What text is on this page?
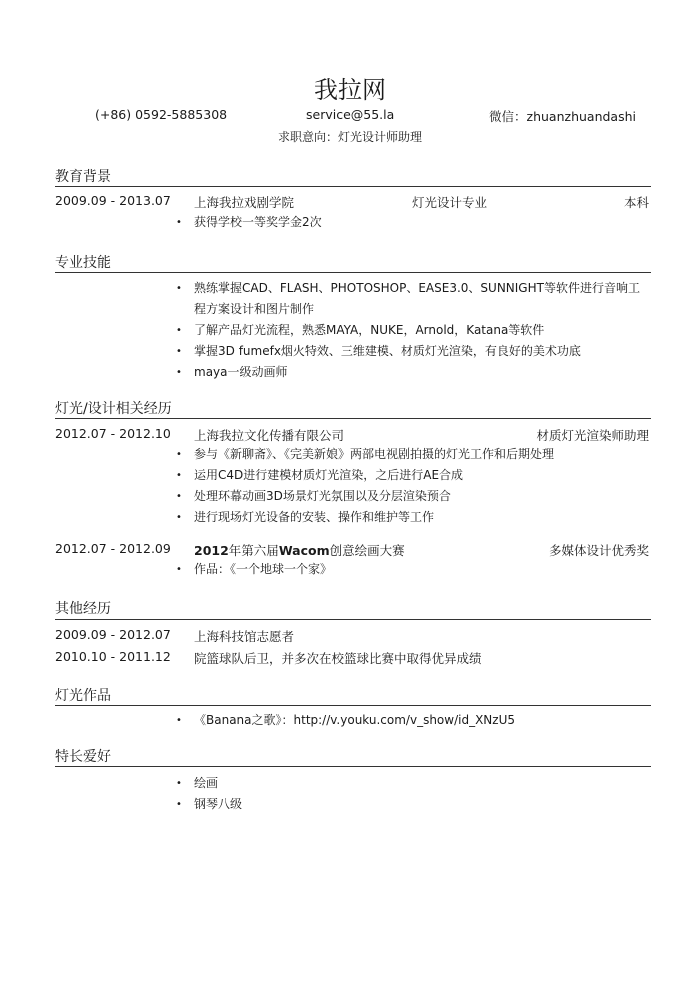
我拉网
(+86) 0592-5885308	service@55.la	微信：zhuanzhuandashi
求职意向：灯光设计师助理
教育背景
2009.09 - 2013.07 上海我拉戏剧学院	灯光设计专业	本科
• 获得学校一等奖学金2次
专业技能
• 熟练掌握CAD、FLASH、PHOTOSHOP、EASE3.0、SUNNIGHT等软件进行音响工程方案设计和图片制作
• 了解产品灯光流程，熟悉MAYA，NUKE，Arnold，Katana等软件
• 掌握3D fumefx烟火特效、三维建模、材质灯光渲染，有良好的美术功底
• maya一级动画师
灯光/设计相关经历
2012.07 - 2012.10 上海我拉文化传播有限公司	材质灯光渲染师助理
• 参与《新聊斋》、《完美新娘》两部电视剧拍摄的灯光工作和后期处理
• 运用C4D进行建模材质灯光渲染，之后进行AE合成
• 处理环幕动画3D场景灯光氛围以及分层渲染预合
• 进行现场灯光设备的安装、操作和维护等工作
2012.07 - 2012.09 2012年第六届Wacom创意绘画大赛	多媒体设计优秀奖
• 作品：《一个地球一个家》
其他经历
2009.09 - 2012.07 上海科技馆志愿者
2010.10 - 2011.12 院篮球队后卫，并多次在校篮球比赛中取得优异成绩
灯光作品
• 《Banana之歌》：http://v.youku.com/v_show/id_XNzU5
特长爱好
• 绘画
• 钢琴八级
